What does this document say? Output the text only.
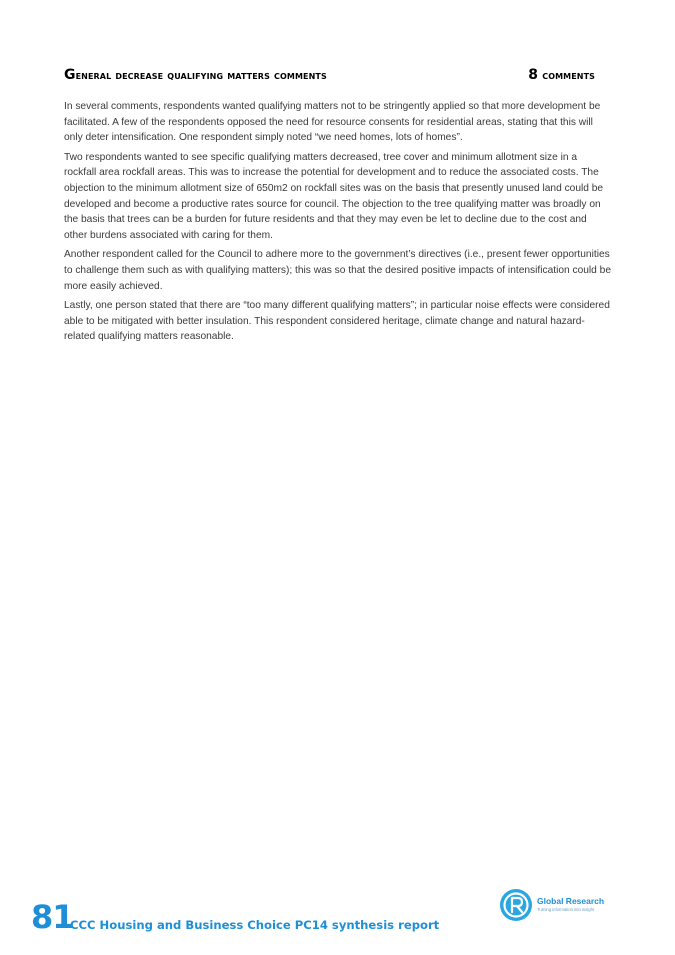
General decrease qualifying matters comments	8 comments

In several comments, respondents wanted qualifying matters not to be stringently applied so that more development be facilitated. A few of the respondents opposed the need for resource consents for residential areas, stating that this will only deter intensification. One respondent simply noted “we need homes, lots of homes”.

Two respondents wanted to see specific qualifying matters decreased, tree cover and minimum allotment size in a rockfall area rockfall areas. This was to increase the potential for development and to reduce the associated costs. The objection to the minimum allotment size of 650m2 on rockfall sites was on the basis that presently unused land could be developed and become a productive rates source for council. The objection to the tree qualifying matter was broadly on the basis that trees can be a burden for future residents and that they may even be let to decline due to the cost and other burdens associated with caring for them.

Another respondent called for the Council to adhere more to the government’s directives (i.e., present fewer opportunities to challenge them such as with qualifying matters); this was so that the desired positive impacts of intensification could be more easily achieved.

Lastly, one person stated that there are “too many different qualifying matters”; in particular noise effects were considered able to be mitigated with better insulation. This respondent considered heritage, climate change and natural hazard-related qualifying matters reasonable.

Global Research
Turning information into insight
81
CCC Housing and Business Choice PC14 synthesis report
